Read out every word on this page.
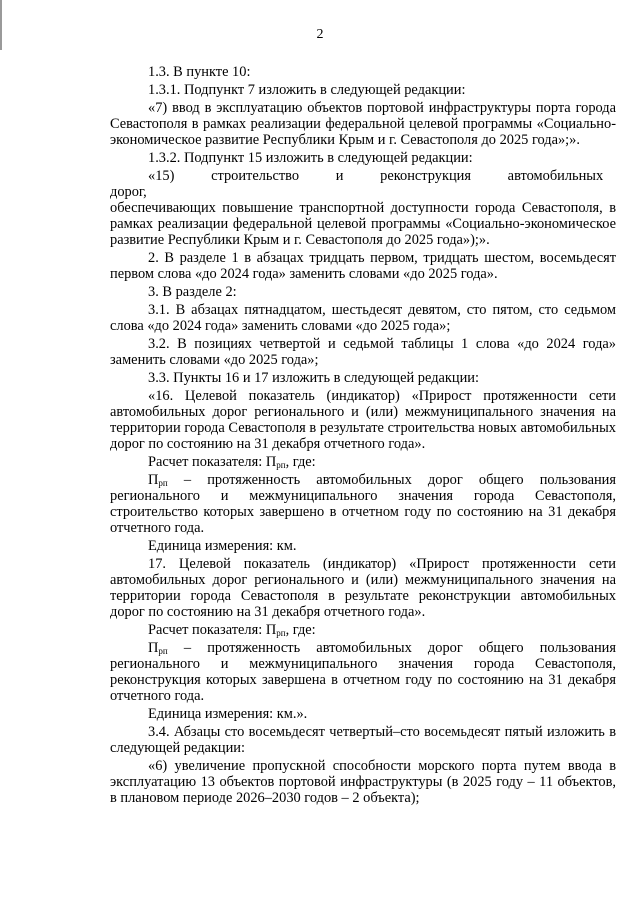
2

1.3. В пункте 10:

1.3.1. Подпункт 7 изложить в следующей редакции:

«7) ввод в эксплуатацию объектов портовой инфраструктуры порта города Севастополя в рамках реализации федеральной целевой программы «Социально-экономическое развитие Республики Крым и г. Севастополя до 2025 года»;».

1.3.2. Подпункт 15 изложить в следующей редакции:

«15) строительство и реконструкция автомобильных дорог,

обеспечивающих повышение транспортной доступности города Севастополя, в рамках реализации федеральной целевой программы «Социально-экономическое развитие Республики Крым и г. Севастополя до 2025 года»);».

2. В разделе 1 в абзацах тридцать первом, тридцать шестом, восемьдесят первом слова «до 2024 года» заменить словами «до 2025 года».

3. В разделе 2:

3.1. В абзацах пятнадцатом, шестьдесят девятом, сто пятом, сто седьмом слова «до 2024 года» заменить словами «до 2025 года»;

3.2. В позициях четвертой и седьмой таблицы 1 слова «до 2024 года» заменить словами «до 2025 года»;

3.3. Пункты 16 и 17 изложить в следующей редакции:

«16. Целевой показатель (индикатор) «Прирост протяженности сети автомобильных дорог регионального и (или) межмуниципального значения на территории города Севастополя в результате строительства новых автомобильных дорог по состоянию на 31 декабря отчетного года».

Расчет показателя: $П_{рп}$, где:

$П_{рп}$ – протяженность автомобильных дорог общего пользования регионального и межмуниципального значения города Севастополя, строительство которых завершено в отчетном году по состоянию на 31 декабря отчетного года.

Единица измерения: км.

17. Целевой показатель (индикатор) «Прирост протяженности сети автомобильных дорог регионального и (или) межмуниципального значения на территории города Севастополя в результате реконструкции автомобильных дорог по состоянию на 31 декабря отчетного года».

Расчет показателя: $П_{рп}$, где:

$П_{рп}$ – протяженность автомобильных дорог общего пользования регионального и межмуниципального значения города Севастополя, реконструкция которых завершена в отчетном году по состоянию на 31 декабря отчетного года.

Единица измерения: км.».

3.4. Абзацы сто восемьдесят четвертый–сто восемьдесят пятый изложить в следующей редакции:

«6) увеличение пропускной способности морского порта путем ввода в эксплуатацию 13 объектов портовой инфраструктуры (в 2025 году – 11 объектов, в плановом периоде 2026–2030 годов – 2 объекта);
